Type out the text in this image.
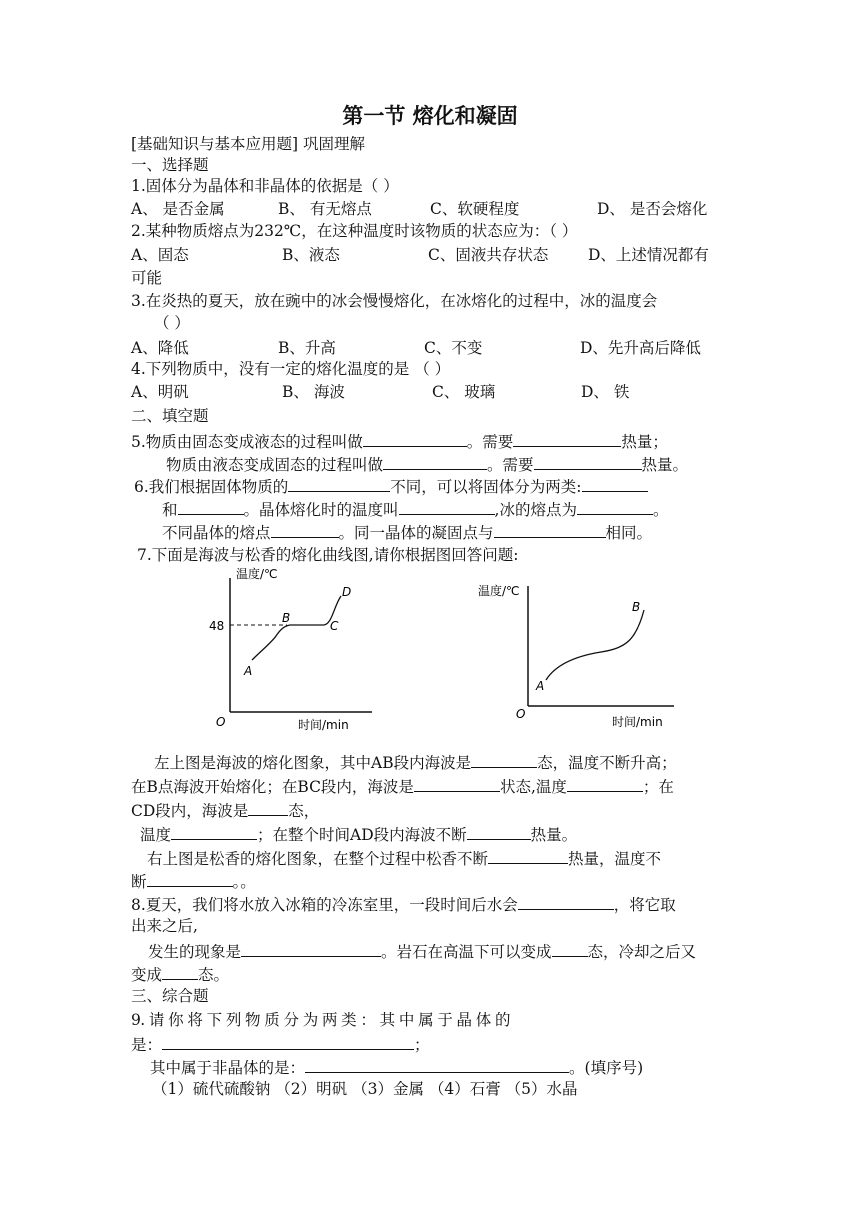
第一节 熔化和凝固
[基础知识与基本应用题] 巩固理解
一、选择题
1.固体分为晶体和非晶体的依据是（ ）
A、 是否金属	B、 有无熔点	C、软硬程度	D、 是否会熔化
2.某种物质熔点为232℃，在这种温度时该物质的状态应为：（ ）
A、固态	B、液态	C、固液共存状态	D、上述情况都有
可能
3.在炎热的夏天，放在豌中的冰会慢慢熔化，在冰熔化的过程中，冰的温度会
（ ）
A、降低	B、升高	C、不变	D、先升高后降低
4.下列物质中，没有一定的熔化温度的是 （ ）
A、明矾	B、 海波	C、 玻璃	D、 铁
二、填空题
5.物质由固态变成液态的过程叫做	。需要	热量；
物质由液态变成固态的过程叫做	。需要	热量。
6.我们根据固体物质的	不同，可以将固体分为两类:
和	。晶体熔化时的温度叫	,冰的熔点为	。
不同晶体的熔点	。同一晶体的凝固点与	相同。
7.下面是海波与松香的熔化曲线图,请你根据图回答问题:
温度/℃
48
O	时间/min
A
B
C
D	温度/℃
O
时间/min
A
B
左上图是海波的熔化图象，其中AB段内海波是	态，温度不断升高；
在B点海波开始熔化；在BC段内，海波是	状态,温度	；在
CD段内，海波是	态，
温度	；在整个时间AD段内海波不断	热量。
右上图是松香的熔化图象，在整个过程中松香不断	热量，温度不
断	。。
8.夏天，我们将水放入冰箱的冷冻室里，一段时间后水会	，将它取
出来之后,
发生的现象是	。岩石在高温下可以变成 态，冷却之后又
变成 态。
三、综合题
9. 请 你 将 下 列 物 质 分 为 两 类 ： 其 中 属 于 晶 体 的
是：	；
其中属于非晶体的是：	。(填序号)
（1）硫代硫酸钠 （2）明矾 （3）金属 （4）石膏 （5）水晶
